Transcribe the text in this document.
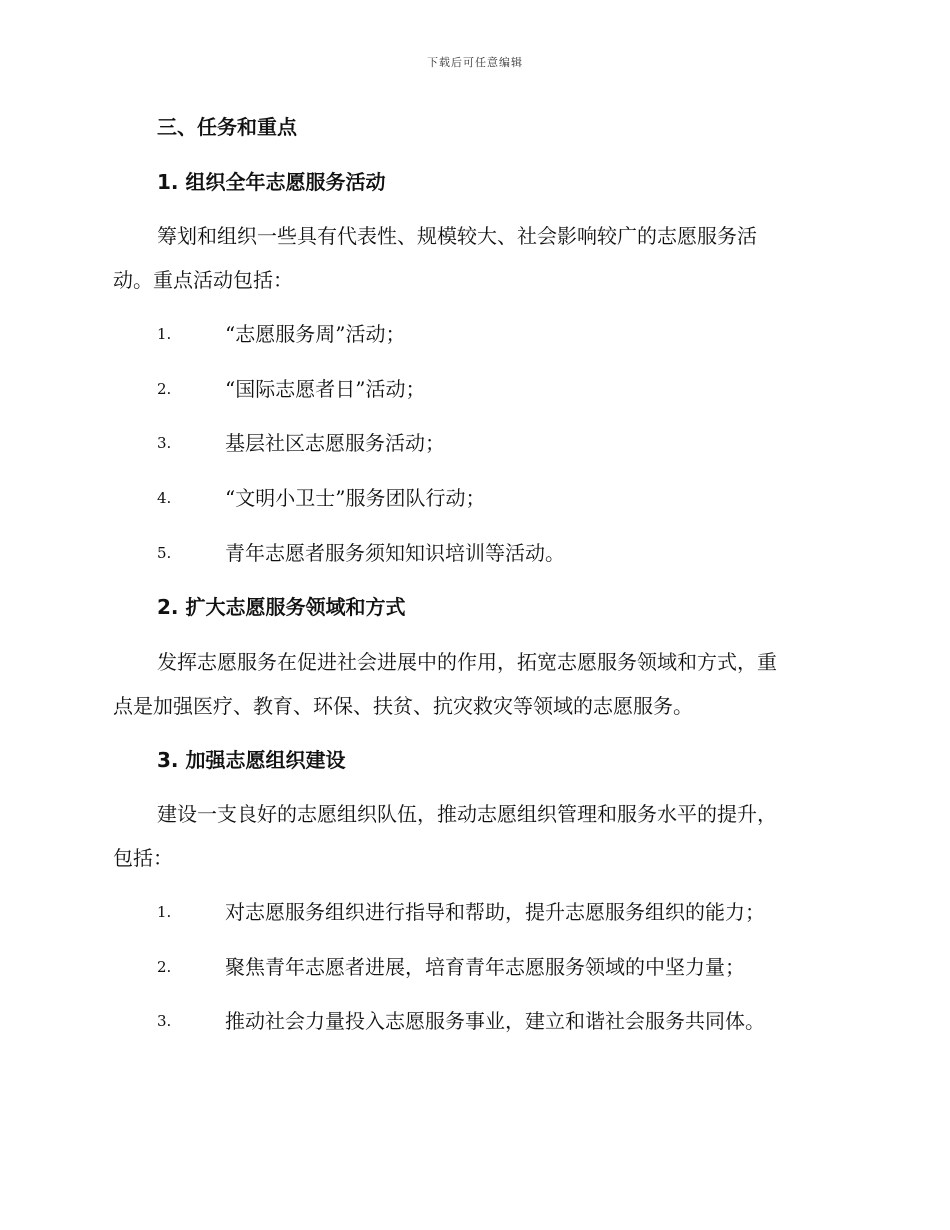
下载后可任意编辑
三、任务和重点
1. 组织全年志愿服务活动
筹划和组织一些具有代表性、规模较大、社会影响较广的志愿服务活
动。重点活动包括：
1.	“志愿服务周”活动；
2.	“国际志愿者日”活动；
3.	基层社区志愿服务活动；
4.	“文明小卫士”服务团队行动；
5.	青年志愿者服务须知知识培训等活动。
2. 扩大志愿服务领域和方式
发挥志愿服务在促进社会进展中的作用，拓宽志愿服务领域和方式，重
点是加强医疗、教育、环保、扶贫、抗灾救灾等领域的志愿服务。
3. 加强志愿组织建设
建设一支良好的志愿组织队伍，推动志愿组织管理和服务水平的提升，
包括：
1.	对志愿服务组织进行指导和帮助，提升志愿服务组织的能力；
2.	聚焦青年志愿者进展，培育青年志愿服务领域的中坚力量；
3.	推动社会力量投入志愿服务事业，建立和谐社会服务共同体。
